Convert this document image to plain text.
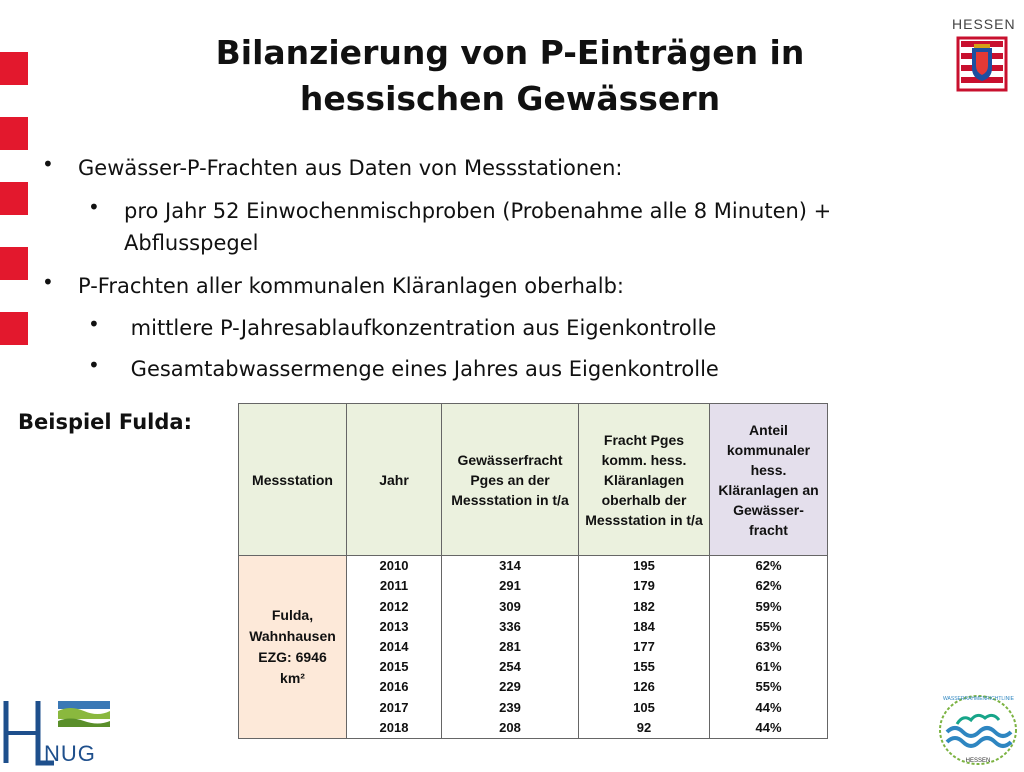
Bilanzierung von P-Einträgen in
hessischen Gewässern
HESSEN
• Gewässer-P-Frachten aus Daten von Messstationen:
• pro Jahr 52 Einwochenmischproben (Probenahme alle 8 Minuten) +
Abflusspegel
• P-Frachten aller kommunalen Kläranlagen oberhalb:
• mittlere P-Jahresablaufkonzentration aus Eigenkontrolle
• Gesamtabwassermenge eines Jahres aus Eigenkontrolle
Beispiel Fulda:
Messstation	Jahr	Gewässerfracht Pges an der Messstation in t/a	Fracht Pges komm. hess. Kläranlagen oberhalb der Messstation in t/a	Anteil kommunaler hess. Kläranlagen an Gewässer-fracht

Fulda,
Wahnhausen
EZG: 6946
km²	2010	314	195	62%
	2011	291	179	62%
	2012	309	182	59%
	2013	336	184	55%
	2014	281	177	63%
	2015	254	155	61%
	2016	229	126	55%
	2017	239	105	44%
	2018	208	92	44%
NUG
WASSERRAHMENRICHTLINIE
HESSEN
